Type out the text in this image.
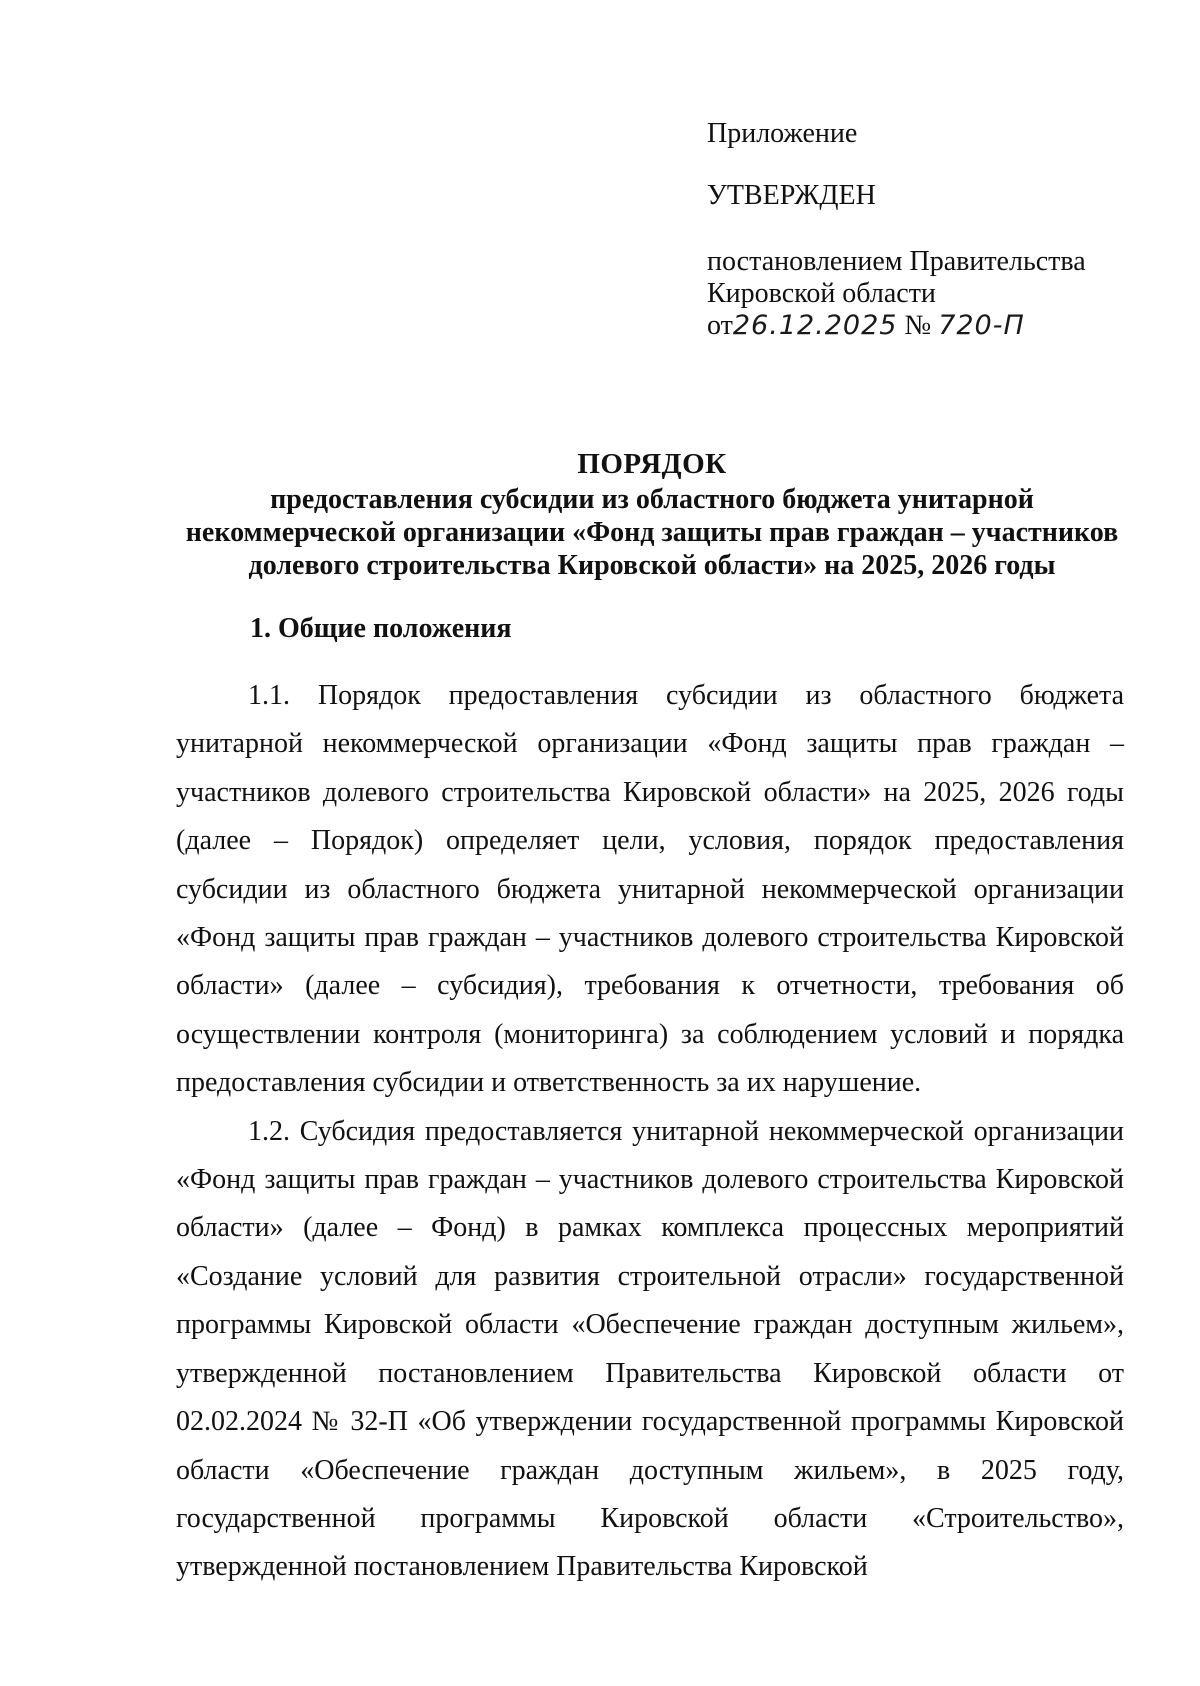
Приложение
УТВЕРЖДЕН
постановлением Правительства
Кировской области
от26.12.2025 № 720-П
ПОРЯДОК
предоставления субсидии из областного бюджета унитарной
некоммерческой организации «Фонд защиты прав граждан – участников
долевого строительства Кировской области» на 2025, 2026 годы
1. Общие положения

1.1. Порядок предоставления субсидии из областного бюджета унитарной некоммерческой организации «Фонд защиты прав граждан – участников долевого строительства Кировской области» на 2025, 2026 годы (далее – Порядок) определяет цели, условия, порядок предоставления субсидии из областного бюджета унитарной некоммерческой организации «Фонд защиты прав граждан – участников долевого строительства Кировской области» (далее – субсидия), требования к отчетности, требования об осуществлении контроля (мониторинга) за соблюдением условий и порядка предоставления субсидии и ответственность за их нарушение.

1.2. Субсидия предоставляется унитарной некоммерческой организации «Фонд защиты прав граждан – участников долевого строительства Кировской области» (далее – Фонд) в рамках комплекса процессных мероприятий «Создание условий для развития строительной отрасли» государственной программы Кировской области «Обеспечение граждан доступным жильем», утвержденной постановлением Правительства Кировской области от 02.02.2024 № 32-П «Об утверждении государственной программы Кировской области «Обеспечение граждан доступным жильем», в 2025 году, государственной программы Кировской области «Строительство», утвержденной постановлением Правительства Кировской
